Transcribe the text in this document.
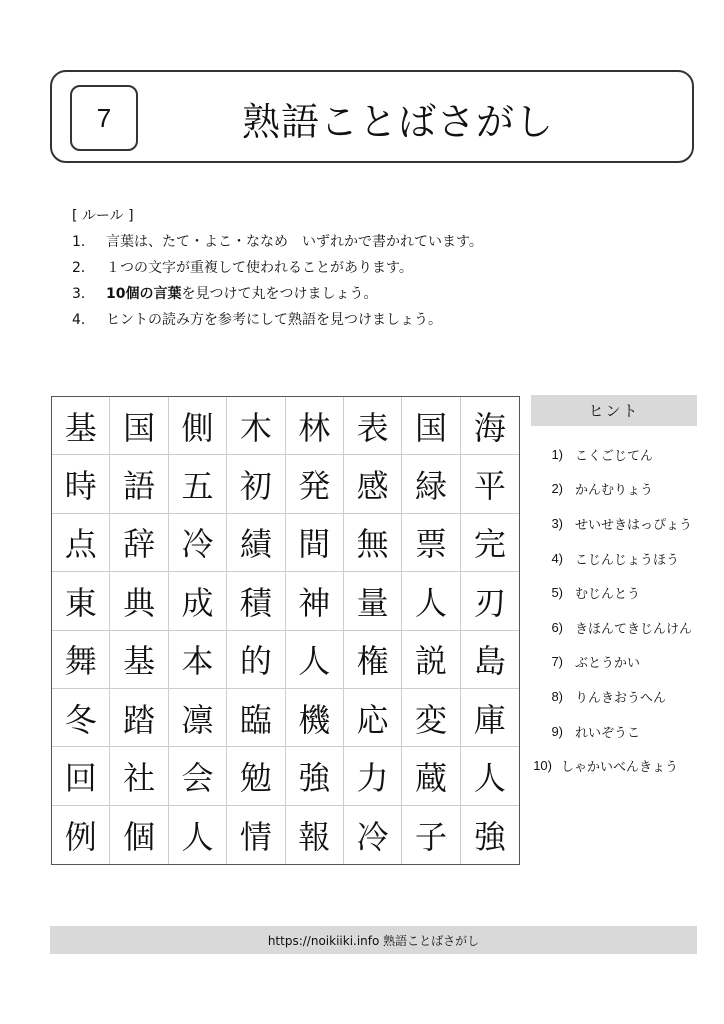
7	熟語ことばさがし
[ ルール ]
1． 言葉は、たて・よこ・ななめ　いずれかで書かれています。
2． １つの文字が重複して使われることがあります。
3． 10個の言葉を見つけて丸をつけましょう。
4． ヒントの読み方を参考にして熟語を見つけましょう。
基 国 側 木 林 表 国 海
時 語 五 初 発 感 緑 平
点 辞 冷 績 間 無 票 完
東 典 成 積 神 量 人 刃
舞 基 本 的 人 権 説 島
冬 踏 凛 臨 機 応 変 庫
回 社 会 勉 強 力 蔵 人
例 個 人 情 報 冷 子 強
ヒント
1) こくごじてん
2) かんむりょう
3) せいせきはっぴょう
4) こじんじょうほう
5) むじんとう
6) きほんてきじんけん
7) ぶとうかい
8) りんきおうへん
9) れいぞうこ
10) しゃかいべんきょう
https://noikiiki.info 熟語ことばさがし
